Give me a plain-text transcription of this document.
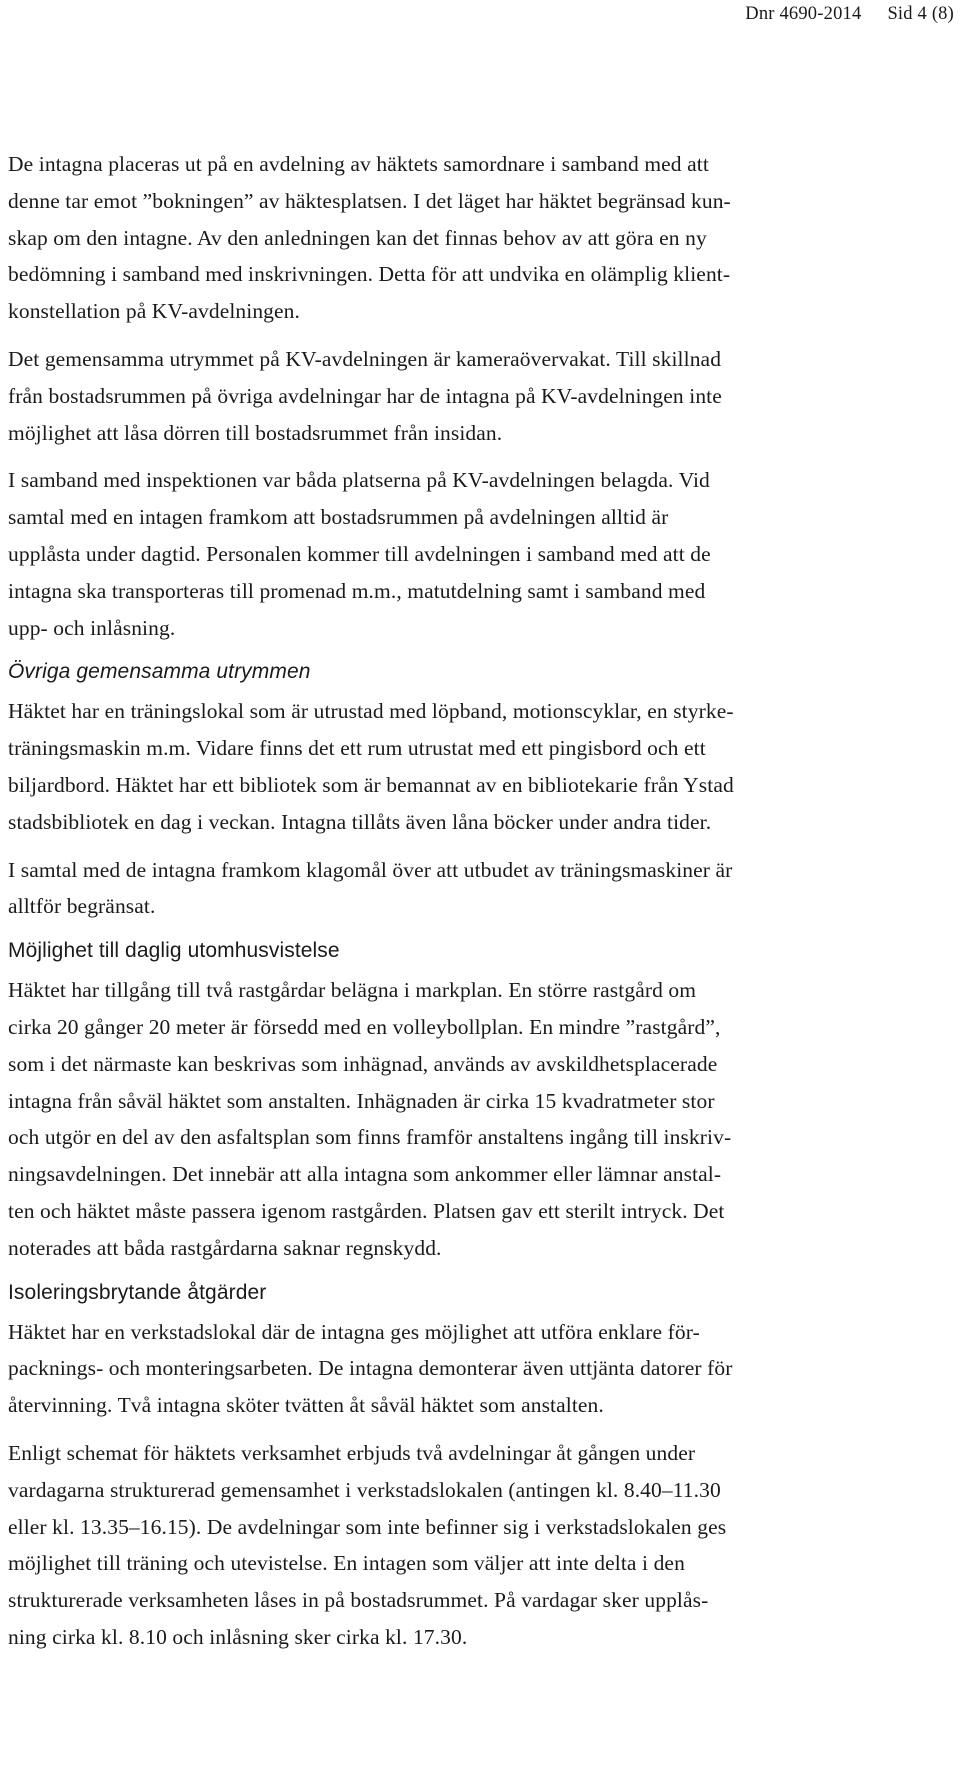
Dnr 4690-2014 Sid 4 (8)
De intagna placeras ut på en avdelning av häktets samordnare i samband med att
denne tar emot ”bokningen” av häktesplatsen. I det läget har häktet begränsad kun-
skap om den intagne. Av den anledningen kan det finnas behov av att göra en ny
bedömning i samband med inskrivningen. Detta för att undvika en olämplig klient-
konstellation på KV-avdelningen.
Det gemensamma utrymmet på KV-avdelningen är kameraövervakat. Till skillnad
från bostadsrummen på övriga avdelningar har de intagna på KV-avdelningen inte
möjlighet att låsa dörren till bostadsrummet från insidan.
I samband med inspektionen var båda platserna på KV-avdelningen belagda. Vid
samtal med en intagen framkom att bostadsrummen på avdelningen alltid är
upplåsta under dagtid. Personalen kommer till avdelningen i samband med att de
intagna ska transporteras till promenad m.m., matutdelning samt i samband med
upp- och inlåsning.
Övriga gemensamma utrymmen
Häktet har en träningslokal som är utrustad med löpband, motionscyklar, en styrke-
träningsmaskin m.m. Vidare finns det ett rum utrustat med ett pingisbord och ett
biljardbord. Häktet har ett bibliotek som är bemannat av en bibliotekarie från Ystad
stadsbibliotek en dag i veckan. Intagna tillåts även låna böcker under andra tider.
I samtal med de intagna framkom klagomål över att utbudet av träningsmaskiner är
alltför begränsat.
Möjlighet till daglig utomhusvistelse
Häktet har tillgång till två rastgårdar belägna i markplan. En större rastgård om
cirka 20 gånger 20 meter är försedd med en volleybollplan. En mindre ”rastgård”,
som i det närmaste kan beskrivas som inhägnad, används av avskildhetsplacerade
intagna från såväl häktet som anstalten. Inhägnaden är cirka 15 kvadratmeter stor
och utgör en del av den asfaltsplan som finns framför anstaltens ingång till inskriv-
ningsavdelningen. Det innebär att alla intagna som ankommer eller lämnar anstal-
ten och häktet måste passera igenom rastgården. Platsen gav ett sterilt intryck. Det
noterades att båda rastgårdarna saknar regnskydd.
Isoleringsbrytande åtgärder
Häktet har en verkstadslokal där de intagna ges möjlighet att utföra enklare för-
packnings- och monteringsarbeten. De intagna demonterar även uttjänta datorer för
återvinning. Två intagna sköter tvätten åt såväl häktet som anstalten.
Enligt schemat för häktets verksamhet erbjuds två avdelningar åt gången under
vardagarna strukturerad gemensamhet i verkstadslokalen (antingen kl. 8.40–11.30
eller kl. 13.35–16.15). De avdelningar som inte befinner sig i verkstadslokalen ges
möjlighet till träning och utevistelse. En intagen som väljer att inte delta i den
strukturerade verksamheten låses in på bostadsrummet. På vardagar sker upplås-
ning cirka kl. 8.10 och inlåsning sker cirka kl. 17.30.
